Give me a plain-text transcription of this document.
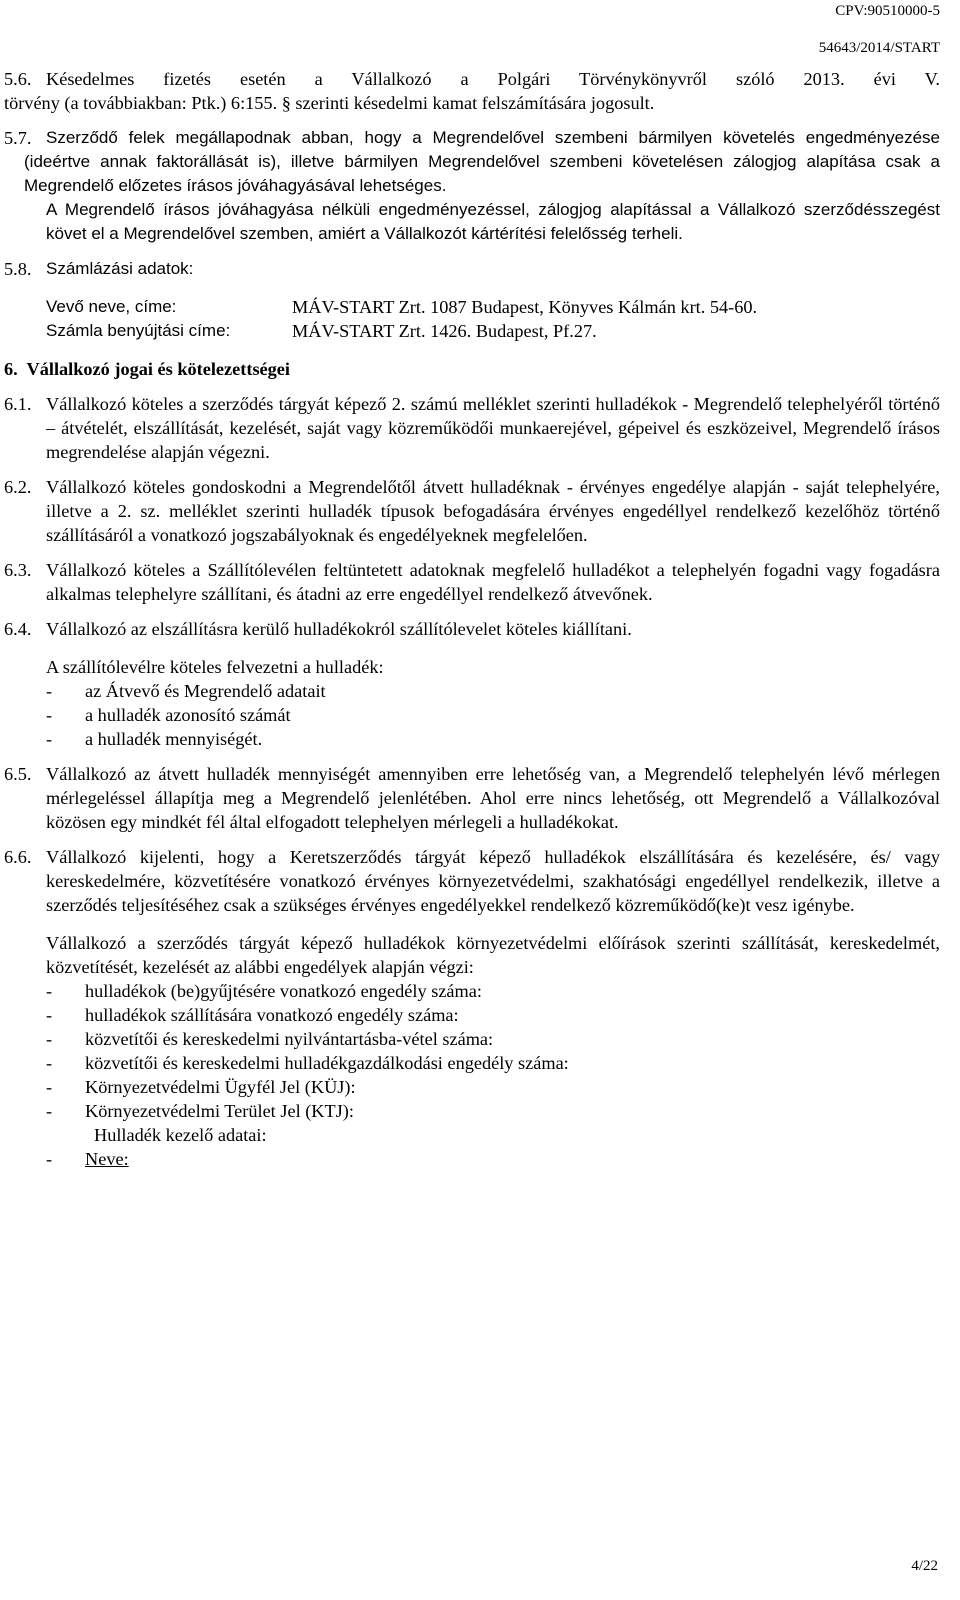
CPV:90510000-5
54643/2014/START
5.6. Késedelmes fizetés esetén a Vállalkozó a Polgári Törvénykönyvről szóló 2013. évi V.
törvény (a továbbiakban: Ptk.) 6:155. § szerinti késedelmi kamat felszámítására jogosult.
5.7. Szerződő felek megállapodnak abban, hogy a Megrendelővel szembeni bármilyen követelés engedményezése (ideértve annak faktorállását is), illetve bármilyen Megrendelővel szembeni követelésen zálogjog alapítása csak a Megrendelő előzetes írásos jóváhagyásával lehetséges.
A Megrendelő írásos jóváhagyása nélküli engedményezéssel, zálogjog alapítással a Vállalkozó szerződésszegést követ el a Megrendelővel szemben, amiért a Vállalkozót kártérítési felelősség terheli.
5.8. Számlázási adatok:
Vevő neve, címe:	MÁV-START Zrt. 1087 Budapest, Könyves Kálmán krt. 54-60.
Számla benyújtási címe:	MÁV-START Zrt. 1426. Budapest, Pf.27.
6.  Vállalkozó jogai és kötelezettségei
6.1. Vállalkozó köteles a szerződés tárgyát képező 2. számú melléklet szerinti hulladékok - Megrendelő telephelyéről történő – átvételét, elszállítását, kezelését, saját vagy közreműködői munkaerejével, gépeivel és eszközeivel, Megrendelő írásos megrendelése alapján végezni.
6.2. Vállalkozó köteles gondoskodni a Megrendelőtől átvett hulladéknak - érvényes engedélye alapján - saját telephelyére, illetve a 2. sz. melléklet szerinti hulladék típusok befogadására érvényes engedéllyel rendelkező kezelőhöz történő szállításáról a vonatkozó jogszabályoknak és engedélyeknek megfelelően.
6.3. Vállalkozó köteles a Szállítólevélen feltüntetett adatoknak megfelelő hulladékot a telephelyén fogadni vagy fogadásra alkalmas telephelyre szállítani, és átadni az erre engedéllyel rendelkező átvevőnek.
6.4. Vállalkozó az elszállításra kerülő hulladékokról szállítólevelet köteles kiállítani.
A szállítólevélre köteles felvezetni a hulladék:
-	az Átvevő és Megrendelő adatait
-	a hulladék azonosító számát
-	a hulladék mennyiségét.
6.5. Vállalkozó az átvett hulladék mennyiségét amennyiben erre lehetőség van, a Megrendelő telephelyén lévő mérlegen mérlegeléssel állapítja meg a Megrendelő jelenlétében. Ahol erre nincs lehetőség, ott Megrendelő a Vállalkozóval közösen egy mindkét fél által elfogadott telephelyen mérlegeli a hulladékokat.
6.6. Vállalkozó kijelenti, hogy a Keretszerződés tárgyát képező hulladékok elszállítására és kezelésére, és/ vagy kereskedelmére, közvetítésére vonatkozó érvényes környezetvédelmi, szakhatósági engedéllyel rendelkezik, illetve a szerződés teljesítéséhez csak a szükséges érvényes engedélyekkel rendelkező közreműködő(ke)t vesz igénybe.
Vállalkozó a szerződés tárgyát képező hulladékok környezetvédelmi előírások szerinti szállítását, kereskedelmét, közvetítését, kezelését az alábbi engedélyek alapján végzi:
-	hulladékok (be)gyűjtésére vonatkozó engedély száma:
-	hulladékok szállítására vonatkozó engedély száma:
-	közvetítői és kereskedelmi nyilvántartásba-vétel száma:
-	közvetítői és kereskedelmi hulladékgazdálkodási engedély száma:
-	Környezetvédelmi Ügyfél Jel (KÜJ):
-	Környezetvédelmi Terület Jel (KTJ):
Hulladék kezelő adatai:
-	Neve:
4/22
